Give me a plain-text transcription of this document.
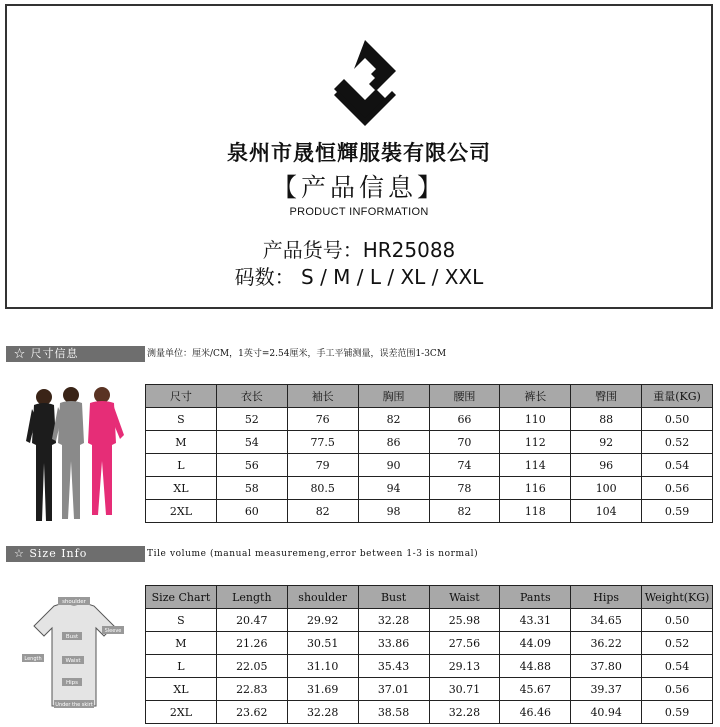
泉州市晟恒輝服裝有限公司
【产品信息】
PRODUCT INFORMATION
产品货号：HR25088
码数： S / M / L / XL / XXL
☆ 尺寸信息	测量单位：厘米/CM，1英寸=2.54厘米，手工平铺测量，误差范围1-3CM
尺寸	衣长	袖长	胸围	腰围	裤长	臀围	重量(KG)
S	52	76	82	66	110	88	0.50
M	54	77.5	86	70	112	92	0.52
L	56	79	90	74	114	96	0.54
XL	58	80.5	94	78	116	100	0.56
2XL	60	82	98	82	118	104	0.59
☆ Size Info	Tile volume (manual measuremeng,error between 1-3 is normal)
shoulder
Bust
Sleeve
Length	Waist
Hips
Under the skirt
Size Chart	Length	shoulder	Bust	Waist	Pants	Hips	Weight(KG)
S	20.47	29.92	32.28	25.98	43.31	34.65	0.50
M	21.26	30.51	33.86	27.56	44.09	36.22	0.52
L	22.05	31.10	35.43	29.13	44.88	37.80	0.54
XL	22.83	31.69	37.01	30.71	45.67	39.37	0.56
2XL	23.62	32.28	38.58	32.28	46.46	40.94	0.59
